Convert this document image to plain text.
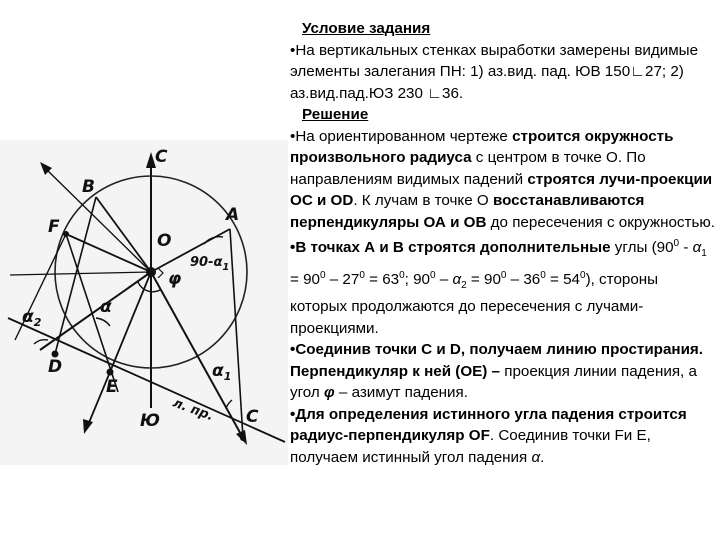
С
В
F
А
О
$90-\alpha_1$
φ
$\alpha_2$
α
D
E
$\alpha_1$
Ю л. пр. С

Условие задания

•На вертикальных стенках выработки замерены видимые элементы залегания ПН: 1) аз.вид. пад. ЮВ 150∟27; 2) аз.вид.пад.ЮЗ 230 ∟36.

Решение

•На ориентированном чертеже строится окружность произвольного радиуса с центром в точке О. По направлениям видимых падений строятся лучи-проекции ОС и OD. К лучам в точке О восстанавливаются перпендикуляры ОА и ОВ до пересечения с окружностью.

•В точках А и В строятся дополнительные углы ($90^0 - \alpha_1 = 90^0 - 27^0 = 63^0$; $90^0 - \alpha_2 = 90^0 - 36^0 = 54^0$), стороны которых продолжаются до пересечения с лучами-проекциями.

•Соединив точки C и D, получаем линию простирания. Перпендикуляр к ней (ОЕ) – проекция линии падения, а угол φ – азимут падения.

•Для определения истинного угла падения строится радиус-перпендикуляр OF. Соединив точки Fи E, получаем истинный угол падения α.
